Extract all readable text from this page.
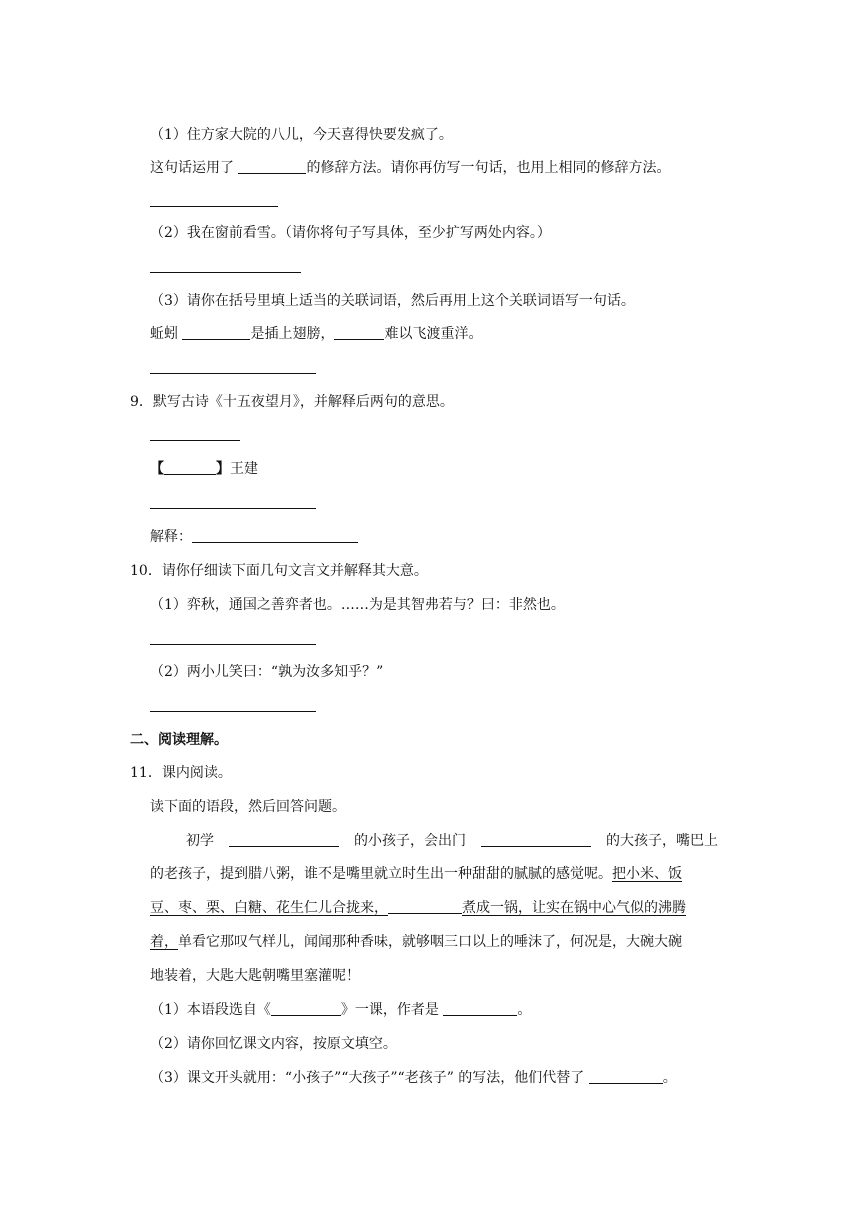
（1）住方家大院的八儿，今天喜得快要发疯了。
这句话运用了	的修辞方法。请你再仿写一句话，也用上相同的修辞方法。
（2）我在窗前看雪。（请你将句子写具体，至少扩写两处内容。）
（3）请你在括号里填上适当的关联词语，然后再用上这个关联词语写一句话。
蚯蚓	是插上翅膀，	难以飞渡重洋。
9．默写古诗《十五夜望月》，并解释后两句的意思。
【	】王建
解释：
10．请你仔细读下面几句文言文并解释其大意。
（1）弈秋，通国之善弈者也。……为是其智弗若与？曰：非然也。
（2）两小儿笑曰：“孰为汝多知乎？”
二、阅读理解。
11．课内阅读。
读下面的语段，然后回答问题。
初学	的小孩子，会出门	的大孩子，嘴巴上
的老孩子，提到腊八粥，谁不是嘴里就立时生出一种甜甜的腻腻的感觉呢。把小米、饭
豆、枣、栗、白糖、花生仁儿合拢来，	煮成一锅，让实在锅中心气似的沸腾
着，单看它那叹气样儿，闻闻那种香味，就够咽三口以上的唾沫了，何况是，大碗大碗
地装着，大匙大匙朝嘴里塞灌呢！
（1）本语段选自《	》一课，作者是	。
（2）请你回忆课文内容，按原文填空。
（3）课文开头就用：“小孩子”“大孩子”“老孩子” 的写法，他们代替了	。
